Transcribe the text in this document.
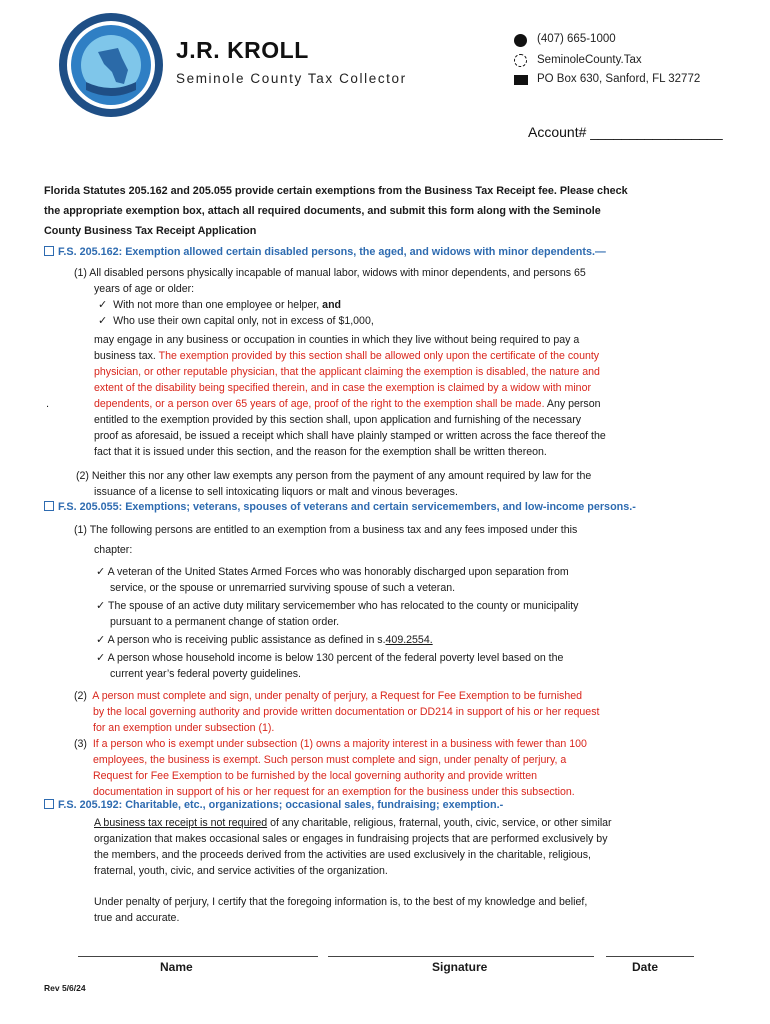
J.R. KROLL
Seminole County Tax Collector
(407) 665-1000
SeminoleCounty.Tax
PO Box 630, Sanford, FL 32772
Account# _________________
Florida Statutes 205.162 and 205.055 provide certain exemptions from the Business Tax Receipt fee. Please check
the appropriate exemption box, attach all required documents, and submit this form along with the Seminole
County Business Tax Receipt Application
F.S. 205.162: Exemption allowed certain disabled persons, the aged, and widows with minor dependents.—
(1) All disabled persons physically incapable of manual labor, widows with minor dependents, and persons 65
years of age or older:
✓ With not more than one employee or helper, and
✓ Who use their own capital only, not in excess of $1,000,
may engage in any business or occupation in counties in which they live without being required to pay a
business tax. The exemption provided by this section shall be allowed only upon the certificate of the county
physician, or other reputable physician, that the applicant claiming the exemption is disabled, the nature and
extent of the disability being specified therein, and in case the exemption is claimed by a widow with minor
dependents, or a person over 65 years of age, proof of the right to the exemption shall be made. Any person
entitled to the exemption provided by this section shall, upon application and furnishing of the necessary
proof as aforesaid, be issued a receipt which shall have plainly stamped or written across the face thereof the
fact that it is issued under this section, and the reason for the exemption shall be written thereon.
.
(2) Neither this nor any other law exempts any person from the payment of any amount required by law for the
issuance of a license to sell intoxicating liquors or malt and vinous beverages.
F.S. 205.055: Exemptions; veterans, spouses of veterans and certain servicemembers, and low-income persons.-
(1) The following persons are entitled to an exemption from a business tax and any fees imposed under this
chapter:
✓ A veteran of the United States Armed Forces who was honorably discharged upon separation from
service, or the spouse or unremarried surviving spouse of such a veteran.
✓ The spouse of an active duty military servicemember who has relocated to the county or municipality
pursuant to a permanent change of station order.
✓ A person who is receiving public assistance as defined in s.409.2554.
✓ A person whose household income is below 130 percent of the federal poverty level based on the
current year’s federal poverty guidelines.
(2) A person must complete and sign, under penalty of perjury, a Request for Fee Exemption to be furnished
by the local governing authority and provide written documentation or DD214 in support of his or her request
for an exemption under subsection (1).
(3) If a person who is exempt under subsection (1) owns a majority interest in a business with fewer than 100
employees, the business is exempt. Such person must complete and sign, under penalty of perjury, a
Request for Fee Exemption to be furnished by the local governing authority and provide written
documentation in support of his or her request for an exemption for the business under this subsection.
F.S. 205.192: Charitable, etc., organizations; occasional sales, fundraising; exemption.-
A business tax receipt is not required of any charitable, religious, fraternal, youth, civic, service, or other similar
organization that makes occasional sales or engages in fundraising projects that are performed exclusively by
the members, and the proceeds derived from the activities are used exclusively in the charitable, religious,
fraternal, youth, civic, and service activities of the organization.
Under penalty of perjury, I certify that the foregoing information is, to the best of my knowledge and belief,
true and accurate.
Name	Signature	Date
Rev 5/6/24
